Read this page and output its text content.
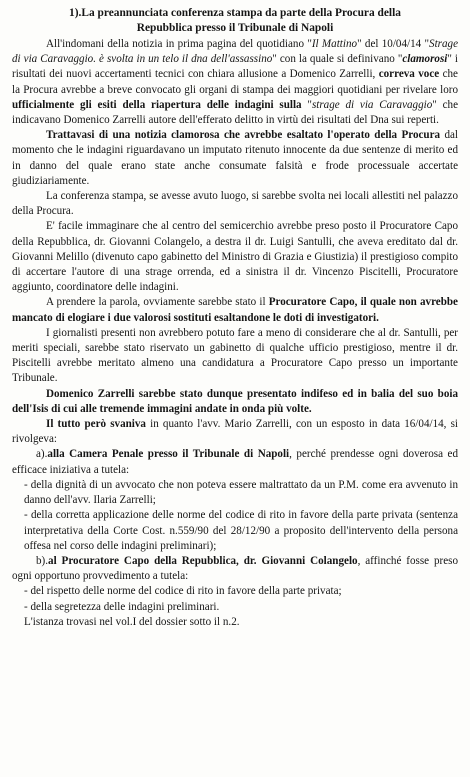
1).La preannunciata conferenza stampa da parte della Procura della
Repubblica presso il Tribunale di Napoli

All'indomani della notizia in prima pagina del quotidiano "Il Mattino" del 10/04/14 "Strage di via Caravaggio. è svolta in un telo il dna dell'assassino" con la quale si definivano "clamorosi" i risultati dei nuovi accertamenti tecnici con chiara allusione a Domenico Zarrelli, correva voce che la Procura avrebbe a breve convocato gli organi di stampa dei maggiori quotidiani per rivelare loro ufficialmente gli esiti della riapertura delle indagini sulla "strage di via Caravaggio" che indicavano Domenico Zarrelli autore dell'efferato delitto in virtù dei risultati del Dna sui reperti.

Trattavasi di una notizia clamorosa che avrebbe esaltato l'operato della Procura dal momento che le indagini riguardavano un imputato ritenuto innocente da due sentenze di merito ed in danno del quale erano state anche consumate falsità e frode processuale accertate giudiziariamente.

La conferenza stampa, se avesse avuto luogo, si sarebbe svolta nei locali allestiti nel palazzo della Procura.

E' facile immaginare che al centro del semicerchio avrebbe preso posto il Procuratore Capo della Repubblica, dr. Giovanni Colangelo, a destra il dr. Luigi Santulli, che aveva ereditato dal dr. Giovanni Melillo (divenuto capo gabinetto del Ministro di Grazia e Giustizia) il prestigioso compito di accertare l'autore di una strage orrenda, ed a sinistra il dr. Vincenzo Piscitelli, Procuratore aggiunto, coordinatore delle indagini.

A prendere la parola, ovviamente sarebbe stato il Procuratore Capo, il quale non avrebbe mancato di elogiare i due valorosi sostituti esaltandone le doti di investigatori.

I giornalisti presenti non avrebbero potuto fare a meno di considerare che al dr. Santulli, per meriti speciali, sarebbe stato riservato un gabinetto di qualche ufficio prestigioso, mentre il dr. Piscitelli avrebbe meritato almeno una candidatura a Procuratore Capo presso un importante Tribunale.

Domenico Zarrelli sarebbe stato dunque presentato indifeso ed in balia del suo boia dell'Isis di cui alle tremende immagini andate in onda più volte.

Il tutto però svaniva in quanto l'avv. Mario Zarrelli, con un esposto in data 16/04/14, si rivolgeva:

a).alla Camera Penale presso il Tribunale di Napoli, perché prendesse ogni doverosa ed efficace iniziativa a tutela:

- della dignità di un avvocato che non poteva essere maltrattato da un P.M. come era avvenuto in danno dell'avv. Ilaria Zarrelli;

- della corretta applicazione delle norme del codice di rito in favore della parte privata (sentenza interpretativa della Corte Cost. n.559/90 del 28/12/90 a proposito dell'intervento della persona offesa nel corso delle indagini preliminari);

b).al Procuratore Capo della Repubblica, dr. Giovanni Colangelo, affinché fosse preso ogni opportuno provvedimento a tutela:

- del rispetto delle norme del codice di rito in favore della parte privata;

- della segretezza delle indagini preliminari.

L'istanza trovasi nel vol.I del dossier sotto il n.2.
